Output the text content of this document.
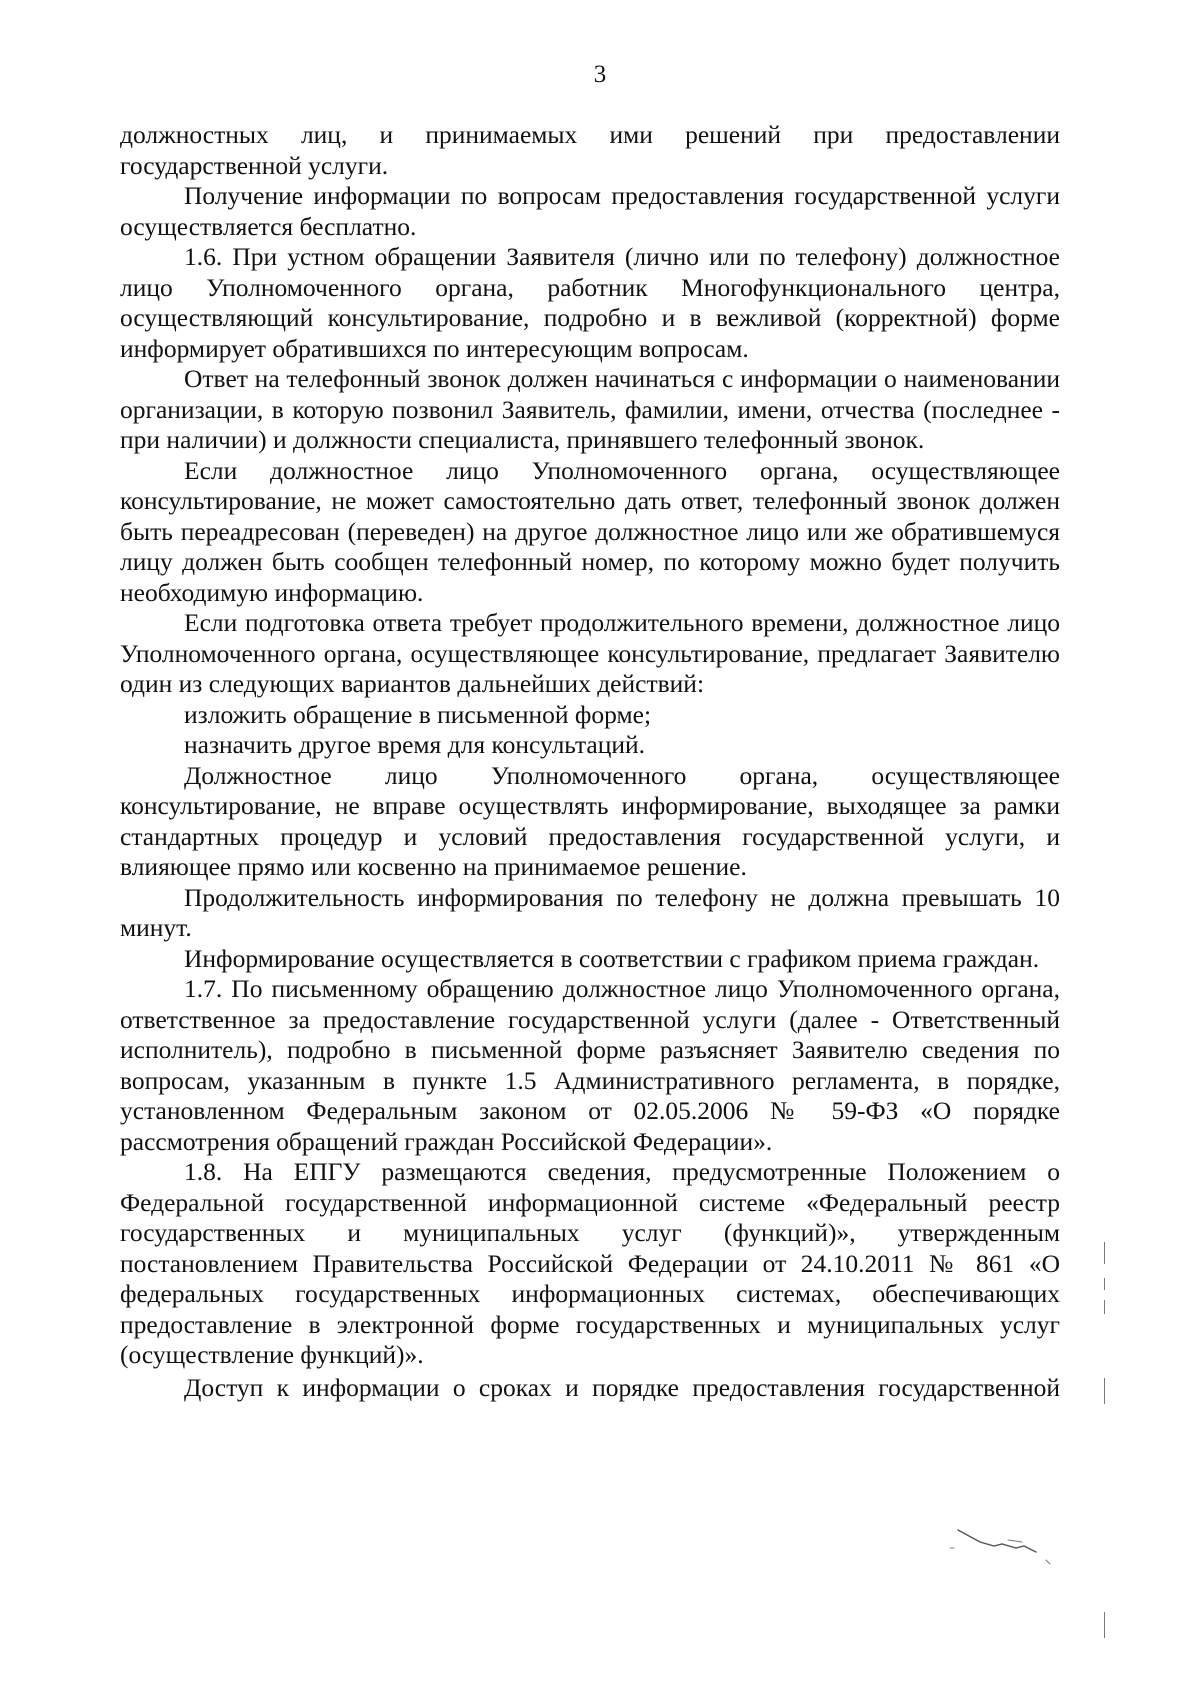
3

должностных лиц, и принимаемых ими решений при предоставлении государственной услуги.

Получение информации по вопросам предоставления государственной услуги осуществляется бесплатно.

1.6. При устном обращении Заявителя (лично или по телефону) должностное лицо Уполномоченного органа, работник Многофункционального центра, осуществляющий консультирование, подробно и в вежливой (корректной) форме информирует обратившихся по интересующим вопросам.

Ответ на телефонный звонок должен начинаться с информации о наименовании организации, в которую позвонил Заявитель, фамилии, имени, отчества (последнее - при наличии) и должности специалиста, принявшего телефонный звонок.

Если должностное лицо Уполномоченного органа, осуществляющее консультирование, не может самостоятельно дать ответ, телефонный звонок должен быть переадресован (переведен) на другое должностное лицо или же обратившемуся лицу должен быть сообщен телефонный номер, по которому можно будет получить необходимую информацию.

Если подготовка ответа требует продолжительного времени, должностное лицо Уполномоченного органа, осуществляющее консультирование, предлагает Заявителю один из следующих вариантов дальнейших действий:

изложить обращение в письменной форме;

назначить другое время для консультаций.

Должностное лицо Уполномоченного органа, осуществляющее консультирование, не вправе осуществлять информирование, выходящее за рамки стандартных процедур и условий предоставления государственной услуги, и влияющее прямо или косвенно на принимаемое решение.

Продолжительность информирования по телефону не должна превышать 10 минут.

Информирование осуществляется в соответствии с графиком приема граждан.

1.7. По письменному обращению должностное лицо Уполномоченного органа, ответственное за предоставление государственной услуги (далее - Ответственный исполнитель), подробно в письменной форме разъясняет Заявителю сведения по вопросам, указанным в пункте 1.5 Административного регламента, в порядке, установленном Федеральным законом от 02.05.2006 № 59-ФЗ «О порядке рассмотрения обращений граждан Российской Федерации».

1.8. На ЕПГУ размещаются сведения, предусмотренные Положением о Федеральной государственной информационной системе «Федеральный реестр государственных и муниципальных услуг (функций)», утвержденным постановлением Правительства Российской Федерации от 24.10.2011 № 861 «О федеральных государственных информационных системах, обеспечивающих предоставление в электронной форме государственных и муниципальных услуг (осуществление функций)».

Доступ к информации о сроках и порядке предоставления государственной
